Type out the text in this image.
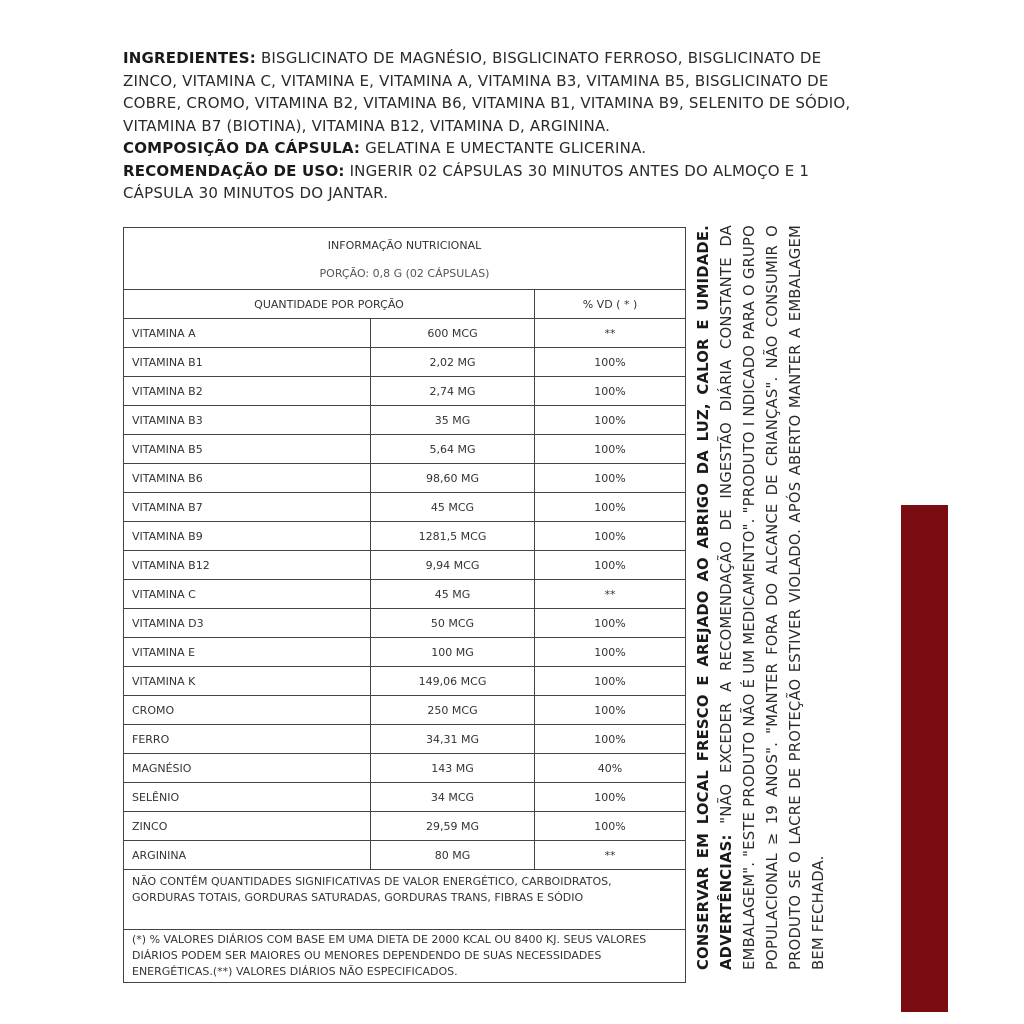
INGREDIENTES: BISGLICINATO DE MAGNÉSIO, BISGLICINATO FERROSO, BISGLICINATO DE ZINCO, VITAMINA C, VITAMINA E, VITAMINA A, VITAMINA B3, VITAMINA B5, BISGLICINATO DE COBRE, CROMO, VITAMINA B2, VITAMINA B6, VITAMINA B1, VITAMINA B9, SELENITO DE SÓDIO, VITAMINA B7 (BIOTINA), VITAMINA B12, VITAMINA D, ARGININA.

COMPOSIÇÃO DA CÁPSULA: GELATINA E UMECTANTE GLICERINA.

RECOMENDAÇÃO DE USO: INGERIR 02 CÁPSULAS 30 MINUTOS ANTES DO ALMOÇO E 1 CÁPSULA 30 MINUTOS DO JANTAR.

INFORMAÇÃO NUTRICIONAL
PORÇÃO: 0,8 G (02 CÁPSULAS)		

QUANTIDADE POR PORÇÃO		% VD ( * )
VITAMINA A	600 MCG	**
VITAMINA B1	2,02 MG	100%
VITAMINA B2	2,74 MG	100%
VITAMINA B3	35 MG	100%
VITAMINA B5	5,64 MG	100%
VITAMINA B6	98,60 MG	100%
VITAMINA B7	45 MCG	100%
VITAMINA B9	1281,5 MCG	100%
VITAMINA B12	9,94 MCG	100%
VITAMINA C	45 MG	**
VITAMINA D3	50 MCG	100%
VITAMINA E	100 MG	100%
VITAMINA K	149,06 MCG	100%
CROMO	250 MCG	100%
FERRO	34,31 MG	100%
MAGNÉSIO	143 MG	40%
SELÊNIO	34 MCG	100%
ZINCO	29,59 MG	100%
ARGININA	80 MG	**
NÃO CONTÊM QUANTIDADES SIGNIFICATIVAS DE VALOR ENERGÉTICO, CARBOIDRATOS, GORDURAS TOTAIS, GORDURAS SATURADAS, GORDURAS TRANS, FIBRAS E SÓDIO		
(*) % VALORES DIÁRIOS COM BASE EM UMA DIETA DE 2000 KCAL OU 8400 KJ. SEUS VALORES DIÁRIOS PODEM SER MAIORES OU MENORES DEPENDENDO DE SUAS NECESSIDADES ENERGÉTICAS.(**) VALORES DIÁRIOS NÃO ESPECIFICADOS.		
CONSERVAR EM LOCAL FRESCO E AREJADO AO ABRIGO DA LUZ, CALOR E UMIDADE. ADVERTÊNCIAS: "NÃO EXCEDER A RECOMENDAÇÃO DE INGESTÃO DIÁRIA CONSTANTE DA EMBALAGEM". "ESTE PRODUTO NÃO É UM MEDICAMENTO". "PRODUTO I NDICADO PARA O GRUPO POPULACIONAL ≥ 19 ANOS". "MANTER FORA DO ALCANCE DE CRIANÇAS". NÃO CONSUMIR O PRODUTO SE O LACRE DE PROTEÇÃO ESTIVER VIOLADO. APÓS ABERTO MANTER A EMBALAGEM BEM FECHADA.
